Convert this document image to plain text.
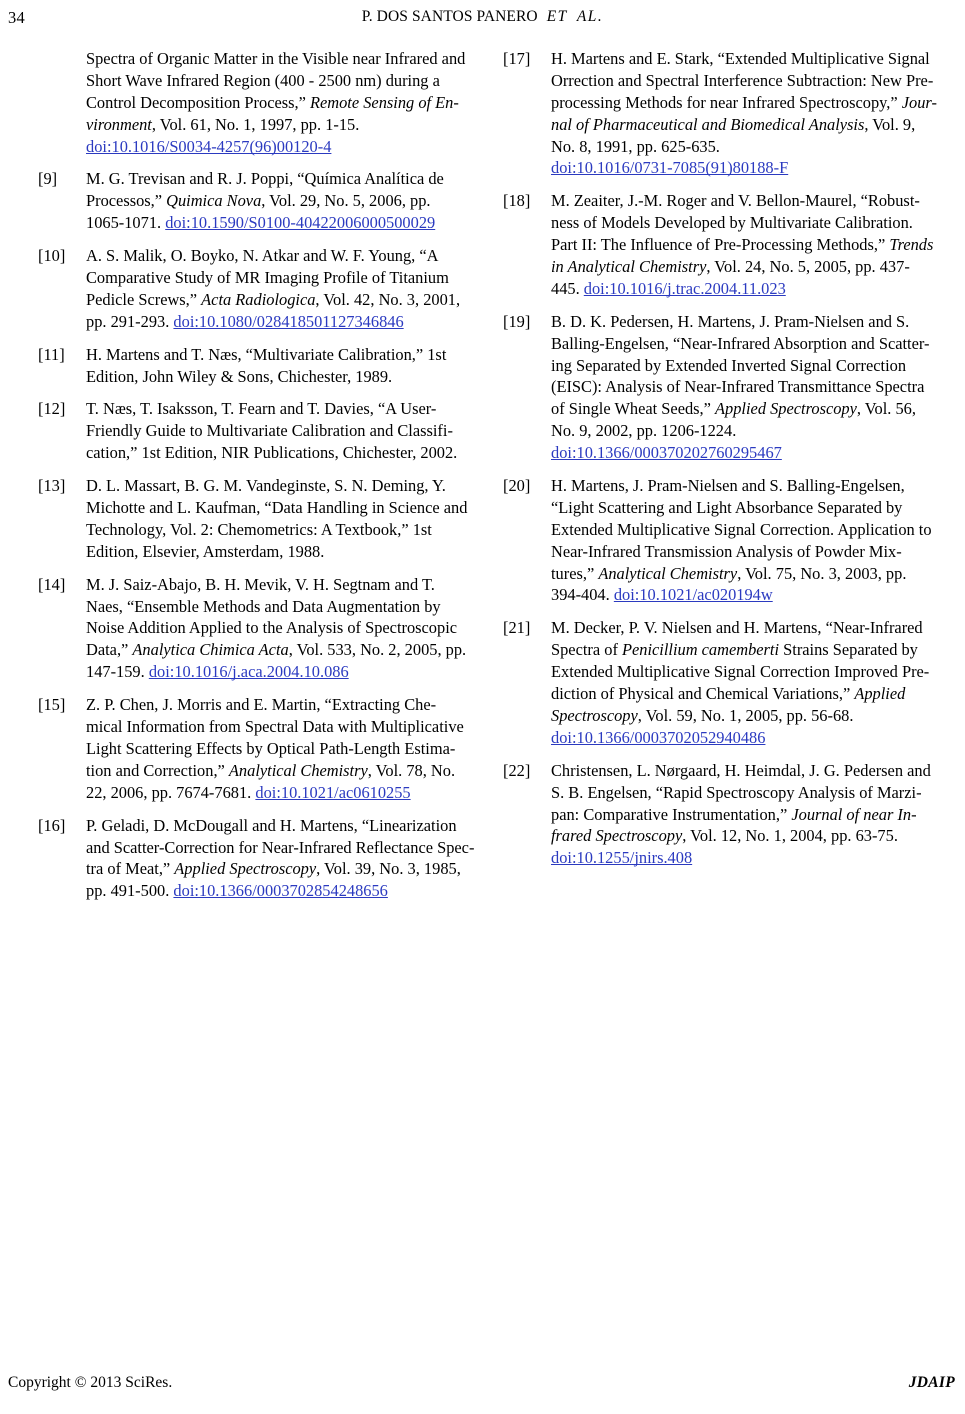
34	P. DOS SANTOS PANERO ET AL.
Spectra of Organic Matter in the Visible near Infrared and
Short Wave Infrared Region (400 - 2500 nm) during a
Control Decomposition Process,” Remote Sensing of En-
vironment, Vol. 61, No. 1, 1997, pp. 1-15.
doi:10.1016/S0034-4257(96)00120-4
[9]	M. G. Trevisan and R. J. Poppi, “Química Analítica de
Processos,” Quimica Nova, Vol. 29, No. 5, 2006, pp.
1065-1071. doi:10.1590/S0100-40422006000500029
[10]	A. S. Malik, O. Boyko, N. Atkar and W. F. Young, “A
Comparative Study of MR Imaging Profile of Titanium
Pedicle Screws,” Acta Radiologica, Vol. 42, No. 3, 2001,
pp. 291-293. doi:10.1080/028418501127346846
[11]	H. Martens and T. Næs, “Multivariate Calibration,” 1st
Edition, John Wiley & Sons, Chichester, 1989.
[12]	T. Næs, T. Isaksson, T. Fearn and T. Davies, “A User-
Friendly Guide to Multivariate Calibration and Classifi-
cation,” 1st Edition, NIR Publications, Chichester, 2002.
[13]	D. L. Massart, B. G. M. Vandeginste, S. N. Deming, Y.
Michotte and L. Kaufman, “Data Handling in Science and
Technology, Vol. 2: Chemometrics: A Textbook,” 1st
Edition, Elsevier, Amsterdam, 1988.
[14]	M. J. Saiz-Abajo, B. H. Mevik, V. H. Segtnam and T.
Naes, “Ensemble Methods and Data Augmentation by
Noise Addition Applied to the Analysis of Spectroscopic
Data,” Analytica Chimica Acta, Vol. 533, No. 2, 2005, pp.
147-159. doi:10.1016/j.aca.2004.10.086
[15]	Z. P. Chen, J. Morris and E. Martin, “Extracting Che-
mical Information from Spectral Data with Multiplicative
Light Scattering Effects by Optical Path-Length Estima-
tion and Correction,” Analytical Chemistry, Vol. 78, No.
22, 2006, pp. 7674-7681. doi:10.1021/ac0610255
[16]	P. Geladi, D. McDougall and H. Martens, “Linearization
and Scatter-Correction for Near-Infrared Reflectance Spec-
tra of Meat,” Applied Spectroscopy, Vol. 39, No. 3, 1985,
pp. 491-500. doi:10.1366/0003702854248656
[17]	H. Martens and E. Stark, “Extended Multiplicative Signal
Orrection and Spectral Interference Subtraction: New Pre-
processing Methods for near Infrared Spectroscopy,” Jour-
nal of Pharmaceutical and Biomedical Analysis, Vol. 9,
No. 8, 1991, pp. 625-635.
doi:10.1016/0731-7085(91)80188-F
[18]	M. Zeaiter, J.-M. Roger and V. Bellon-Maurel, “Robust-
ness of Models Developed by Multivariate Calibration.
Part II: The Influence of Pre-Processing Methods,” Trends
in Analytical Chemistry, Vol. 24, No. 5, 2005, pp. 437-
445. doi:10.1016/j.trac.2004.11.023
[19]	B. D. K. Pedersen, H. Martens, J. Pram-Nielsen and S.
Balling-Engelsen, “Near-Infrared Absorption and Scatter-
ing Separated by Extended Inverted Signal Correction
(EISC): Analysis of Near-Infrared Transmittance Spectra
of Single Wheat Seeds,” Applied Spectroscopy, Vol. 56,
No. 9, 2002, pp. 1206-1224.
doi:10.1366/000370202760295467
[20]	H. Martens, J. Pram-Nielsen and S. Balling-Engelsen,
“Light Scattering and Light Absorbance Separated by
Extended Multiplicative Signal Correction. Application to
Near-Infrared Transmission Analysis of Powder Mix-
tures,” Analytical Chemistry, Vol. 75, No. 3, 2003, pp.
394-404. doi:10.1021/ac020194w
[21]	M. Decker, P. V. Nielsen and H. Martens, “Near-Infrared
Spectra of Penicillium camemberti Strains Separated by
Extended Multiplicative Signal Correction Improved Pre-
diction of Physical and Chemical Variations,” Applied
Spectroscopy, Vol. 59, No. 1, 2005, pp. 56-68.
doi:10.1366/0003702052940486
[22]	Christensen, L. Nørgaard, H. Heimdal, J. G. Pedersen and
S. B. Engelsen, “Rapid Spectroscopy Analysis of Marzi-
pan: Comparative Instrumentation,” Journal of near In-
frared Spectroscopy, Vol. 12, No. 1, 2004, pp. 63-75.
doi:10.1255/jnirs.408
Copyright © 2013 SciRes.	JDAIP
